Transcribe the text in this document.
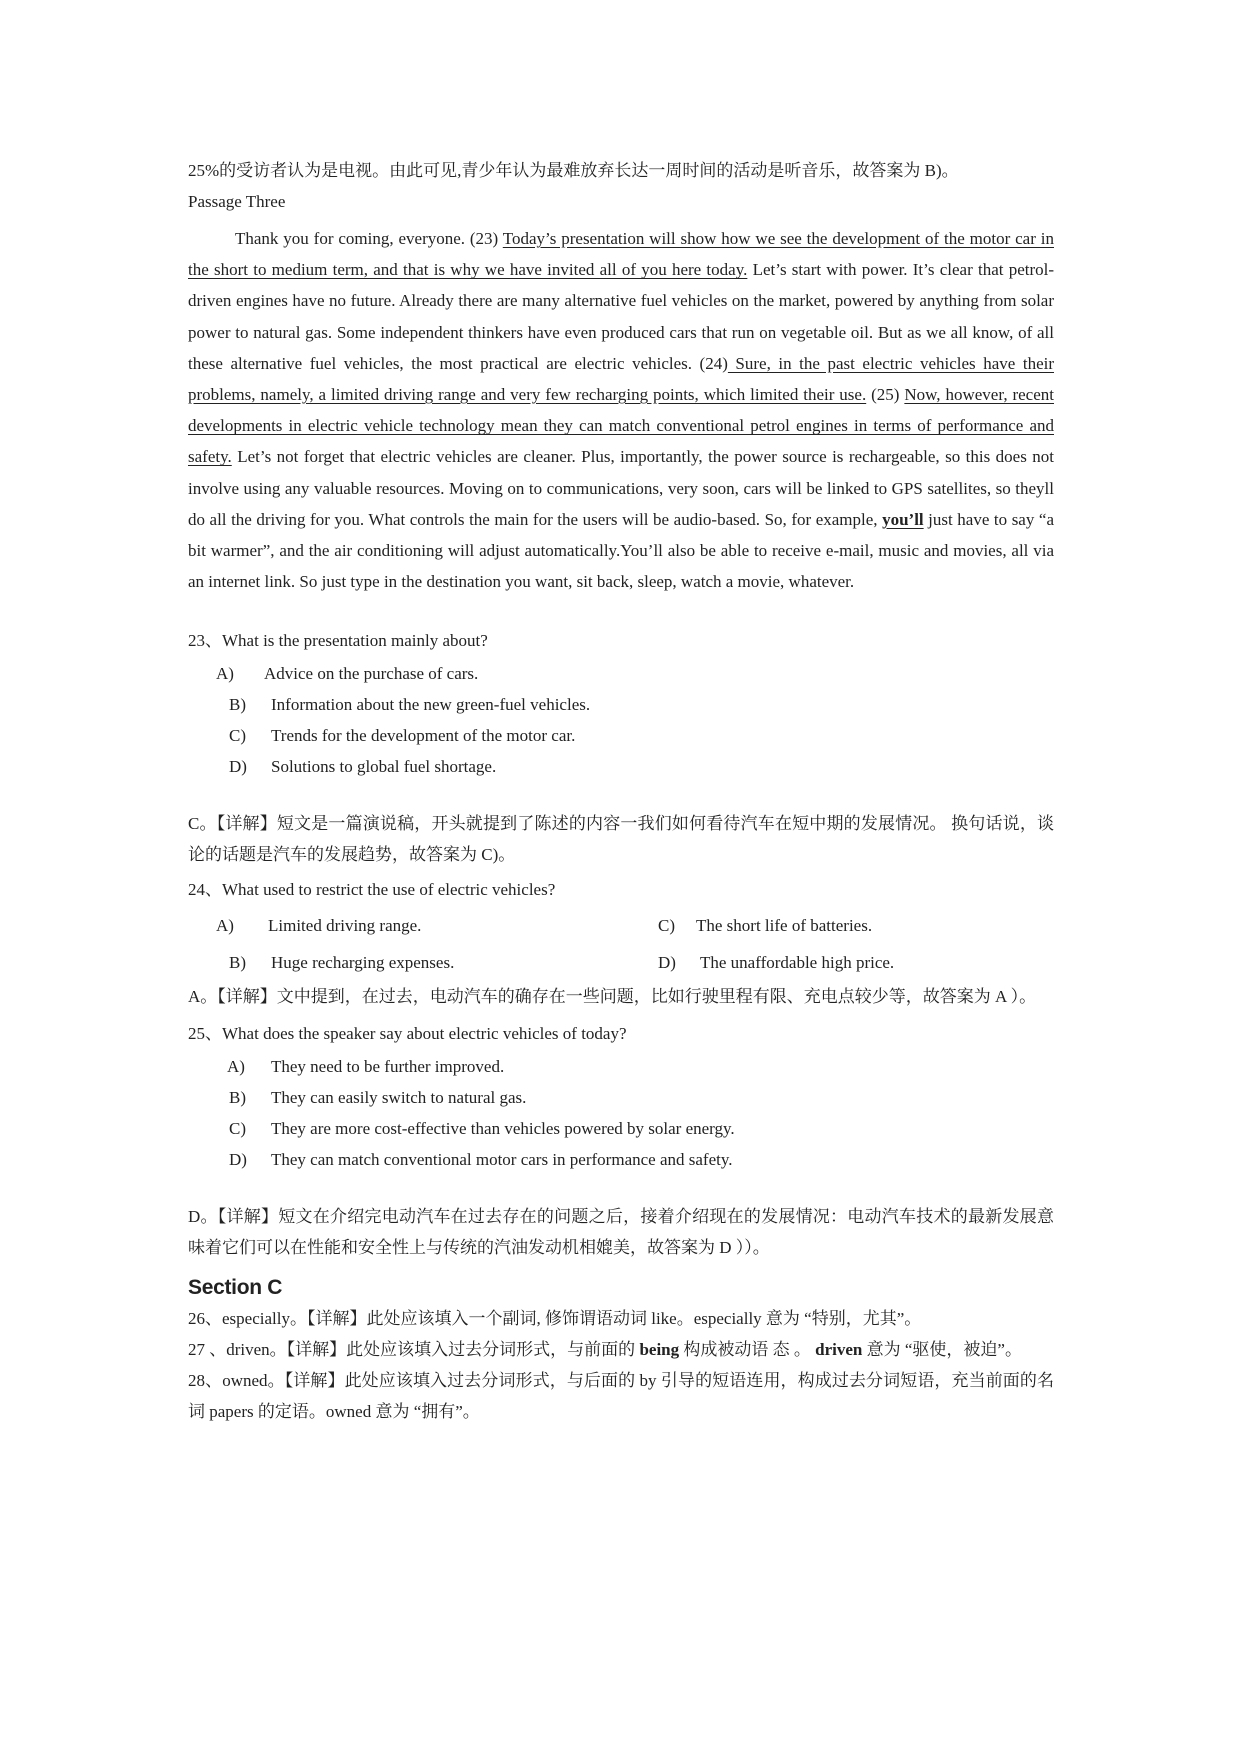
25%的受访者认为是电视。由此可见,青少年认为最难放弃长达一周时间的活动是听音乐，故答案为 B)。
Passage Three
Thank you for coming, everyone. (23) Today’s presentation will show how we see the development of the motor car in the short to medium term, and that is why we have invited all of you here today. Let’s start with power. It’s clear that petrol-driven engines have no future. Already there are many alternative fuel vehicles on the market, powered by anything from solar power to natural gas. Some independent thinkers have even produced cars that run on vegetable oil. But as we all know, of all these alternative fuel vehicles, the most practical are electric vehicles. (24) Sure, in the past electric vehicles have their problems, namely, a limited driving range and very few recharging points, which limited their use. (25) Now, however, recent developments in electric vehicle technology mean they can match conventional petrol engines in terms of performance and safety. Let’s not forget that electric vehicles are cleaner. Plus, importantly, the power source is rechargeable, so this does not involve using any valuable resources. Moving on to communications, very soon, cars will be linked to GPS satellites, so theyll do all the driving for you. What controls the main for the users will be audio-based. So, for example, you’ll just have to say “a bit warmer”, and the air conditioning will adjust automatically.You’ll also be able to receive e-mail, music and movies, all via an internet link. So just type in the destination you want, sit back, sleep, watch a movie, whatever.
23、What is the presentation mainly about?
A)	Advice on the purchase of cars.
B)	Information about the new green-fuel vehicles.
C)	Trends for the development of the motor car.
D)	Solutions to global fuel shortage.
C。【详解】短文是一篇演说稿，开头就提到了陈述的内容一我们如何看待汽车在短中期的发展情况。 换句话说，谈论的话题是汽车的发展趋势，故答案为 C)。
24、What used to restrict the use of electric vehicles?
A)	Limited driving range.	C)	The short life of batteries.
B)	Huge recharging expenses.	D)	The unaffordable high price.
A。【详解】文中提到，在过去，电动汽车的确存在一些问题，比如行驶里程有限、充电点较少等，故答案为 A ）。
25、What does the speaker say about electric vehicles of today?
A)	They need to be further improved.
B)	They can easily switch to natural gas.
C)	They are more cost-effective than vehicles powered by solar energy.
D)	They can match conventional motor cars in performance and safety.
D。【详解】短文在介绍完电动汽车在过去存在的问题之后，接着介绍现在的发展情况：电动汽车技术的最新发展意味着它们可以在性能和安全性上与传统的汽油发动机相媲美，故答案为 D ））。
Section C
26、especially。【详解】此处应该填入一个副词, 修饰谓语动词 like。especially 意为 “特别，尤其”。
27 、driven。【详解】此处应该填入过去分词形式，与前面的 being 构成被动语 态 。 driven 意为 “驱使，被迫”。
28、owned。【详解】此处应该填入过去分词形式，与后面的 by 引导的短语连用，构成过去分词短语，充当前面的名词 papers 的定语。owned 意为 “拥有”。
